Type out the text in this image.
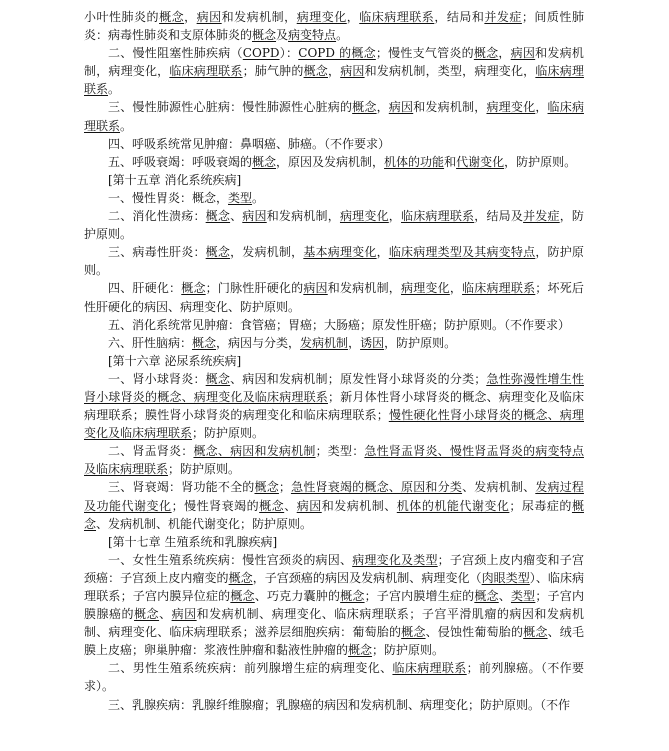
小叶性肺炎的概念，病因和发病机制，病理变化，临床病理联系，结局和并发症；间质性肺炎：病毒性肺炎和支原体肺炎的概念及病变特点。

二、慢性阻塞性肺疾病（COPD）：COPD 的概念；慢性支气管炎的概念，病因和发病机制，病理变化，临床病理联系；肺气肿的概念，病因和发病机制，类型，病理变化，临床病理联系。

三、慢性肺源性心脏病：慢性肺源性心脏病的概念，病因和发病机制，病理变化，临床病理联系。

四、呼吸系统常见肿瘤：鼻咽癌、肺癌。（不作要求）

五、呼吸衰竭：呼吸衰竭的概念，原因及发病机制，机体的功能和代谢变化，防护原则。

[第十五章 消化系统疾病]

一、慢性胃炎：概念，类型。

二、消化性溃疡：概念、病因和发病机制，病理变化，临床病理联系，结局及并发症，防护原则。

三、病毒性肝炎：概念，发病机制，基本病理变化，临床病理类型及其病变特点，防护原则。

四、肝硬化：概念；门脉性肝硬化的病因和发病机制，病理变化，临床病理联系；坏死后性肝硬化的病因、病理变化、防护原则。

五、消化系统常见肿瘤：食管癌；胃癌；大肠癌；原发性肝癌；防护原则。（不作要求）

六、肝性脑病：概念，病因与分类，发病机制，诱因，防护原则。

[第十六章 泌尿系统疾病]

一、肾小球肾炎：概念、病因和发病机制；原发性肾小球肾炎的分类；急性弥漫性增生性肾小球肾炎的概念、病理变化及临床病理联系；新月体性肾小球肾炎的概念、病理变化及临床病理联系；膜性肾小球肾炎的病理变化和临床病理联系；慢性硬化性肾小球肾炎的概念、病理变化及临床病理联系；防护原则。

二、肾盂肾炎：概念、病因和发病机制；类型：急性肾盂肾炎、慢性肾盂肾炎的病变特点及临床病理联系；防护原则。

三、肾衰竭：肾功能不全的概念；急性肾衰竭的概念、原因和分类、发病机制、发病过程及功能代谢变化；慢性肾衰竭的概念、病因和发病机制、机体的机能代谢变化；尿毒症的概念、发病机制、机能代谢变化；防护原则。

[第十七章 生殖系统和乳腺疾病]

一、女性生殖系统疾病：慢性宫颈炎的病因、病理变化及类型；子宫颈上皮内瘤变和子宫颈癌：子宫颈上皮内瘤变的概念，子宫颈癌的病因及发病机制、病理变化（肉眼类型）、临床病理联系；子宫内膜异位症的概念、巧克力囊肿的概念；子宫内膜增生症的概念、类型；子宫内膜腺癌的概念、病因和发病机制、病理变化、临床病理联系；子宫平滑肌瘤的病因和发病机制、病理变化、临床病理联系；滋养层细胞疾病：葡萄胎的概念、侵蚀性葡萄胎的概念、绒毛膜上皮癌；卵巢肿瘤：浆液性肿瘤和黏液性肿瘤的概念；防护原则。

二、男性生殖系统疾病：前列腺增生症的病理变化、临床病理联系；前列腺癌。（不作要求）。

三、乳腺疾病：乳腺纤维腺瘤；乳腺癌的病因和发病机制、病理变化；防护原则。（不作
